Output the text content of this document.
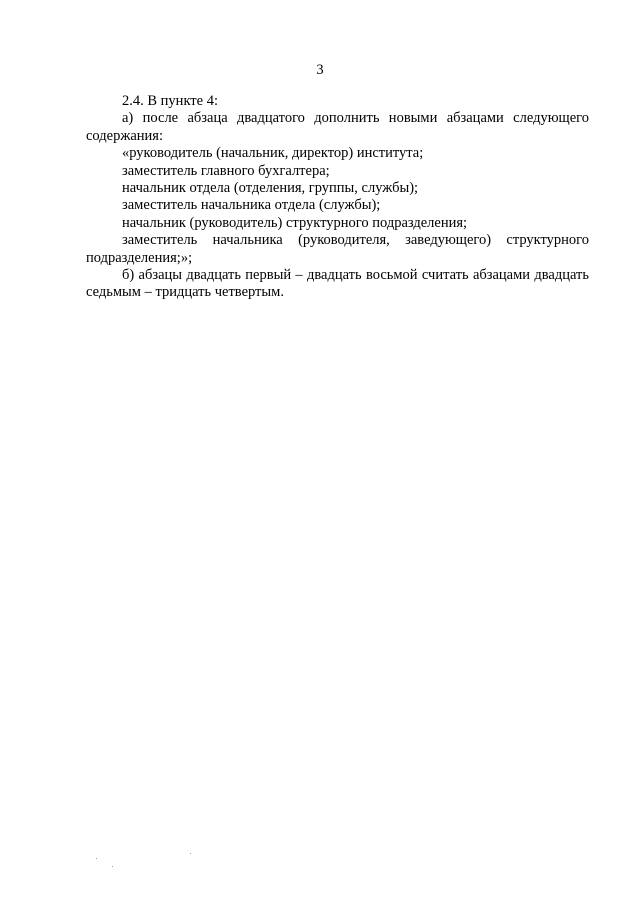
3

2.4. В пункте 4:

а) после абзаца двадцатого дополнить новыми абзацами следующего содержания:

«руководитель (начальник, директор) института;

заместитель главного бухгалтера;

начальник отдела (отделения, группы, службы);

заместитель начальника отдела (службы);

начальник (руководитель) структурного подразделения;

заместитель начальника (руководителя, заведующего) структурного подразделения;»;

б) абзацы двадцать первый – двадцать восьмой считать абзацами двадцать седьмым – тридцать четвертым.
